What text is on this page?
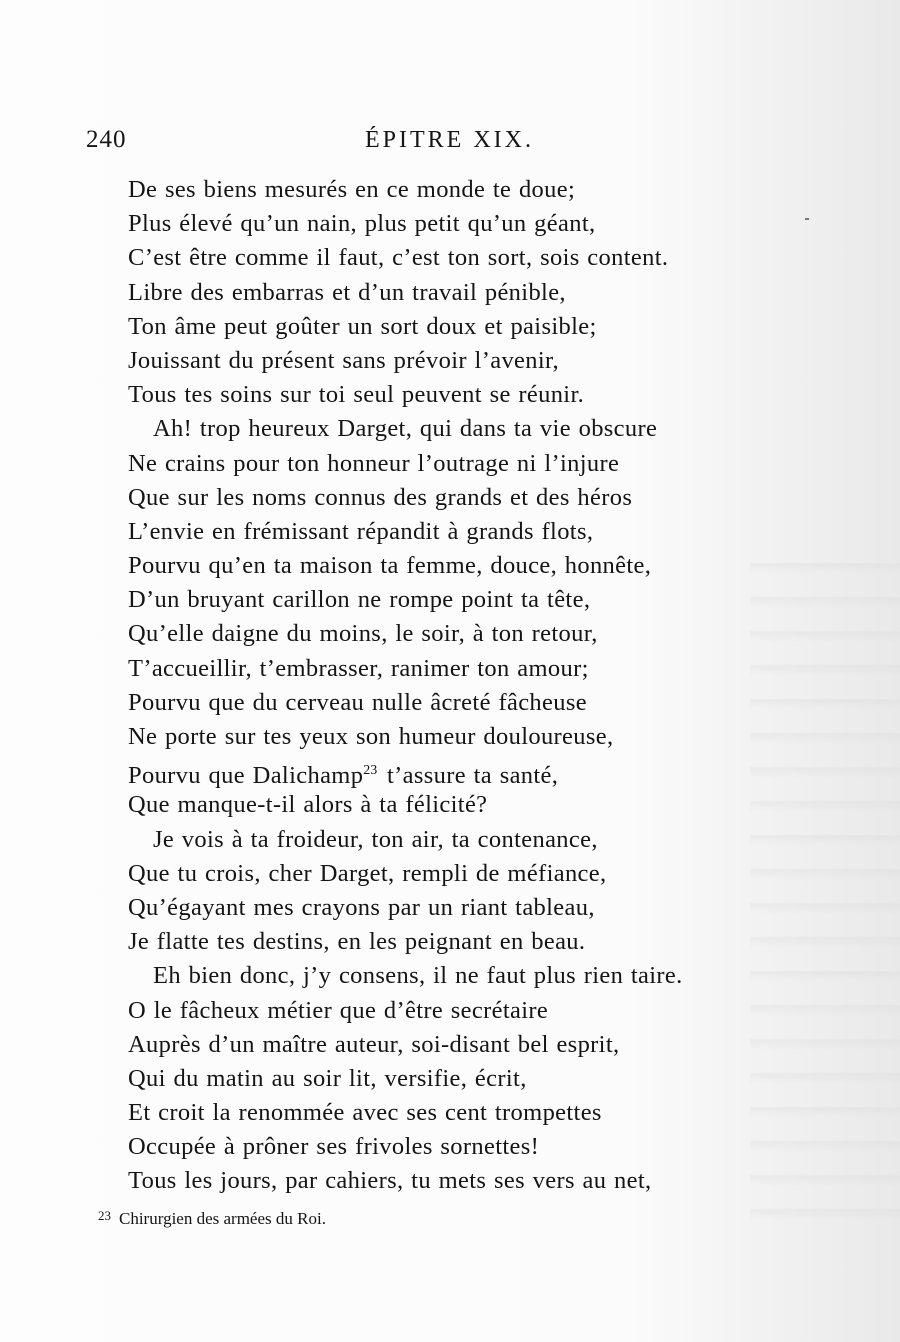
240	ÉPITRE XIX.
De ses biens mesurés en ce monde te doue;
Plus élevé qu’un nain, plus petit qu’un géant,
C’est être comme il faut, c’est ton sort, sois content.
Libre des embarras et d’un travail pénible,
Ton âme peut goûter un sort doux et paisible;
Jouissant du présent sans prévoir l’avenir,
Tous tes soins sur toi seul peuvent se réunir.
Ah! trop heureux Darget, qui dans ta vie obscure
Ne crains pour ton honneur l’outrage ni l’injure
Que sur les noms connus des grands et des héros
L’envie en frémissant répandit à grands flots,
Pourvu qu’en ta maison ta femme, douce, honnête,
D’un bruyant carillon ne rompe point ta tête,
Qu’elle daigne du moins, le soir, à ton retour,
T’accueillir, t’embrasser, ranimer ton amour;
Pourvu que du cerveau nulle âcreté fâcheuse
Ne porte sur tes yeux son humeur douloureuse,
Pourvu que Dalichamp$^{23}$ t’assure ta santé,
Que manque-t-il alors à ta félicité?
Je vois à ta froideur, ton air, ta contenance,
Que tu crois, cher Darget, rempli de méfiance,
Qu’égayant mes crayons par un riant tableau,
Je flatte tes destins, en les peignant en beau.
Eh bien donc, j’y consens, il ne faut plus rien taire.
O le fâcheux métier que d’être secrétaire
Auprès d’un maître auteur, soi-disant bel esprit,
Qui du matin au soir lit, versifie, écrit,
Et croit la renommée avec ses cent trompettes
Occupée à prôner ses frivoles sornettes!
Tous les jours, par cahiers, tu mets ses vers au net,
$^{23}$ Chirurgien des armées du Roi.
